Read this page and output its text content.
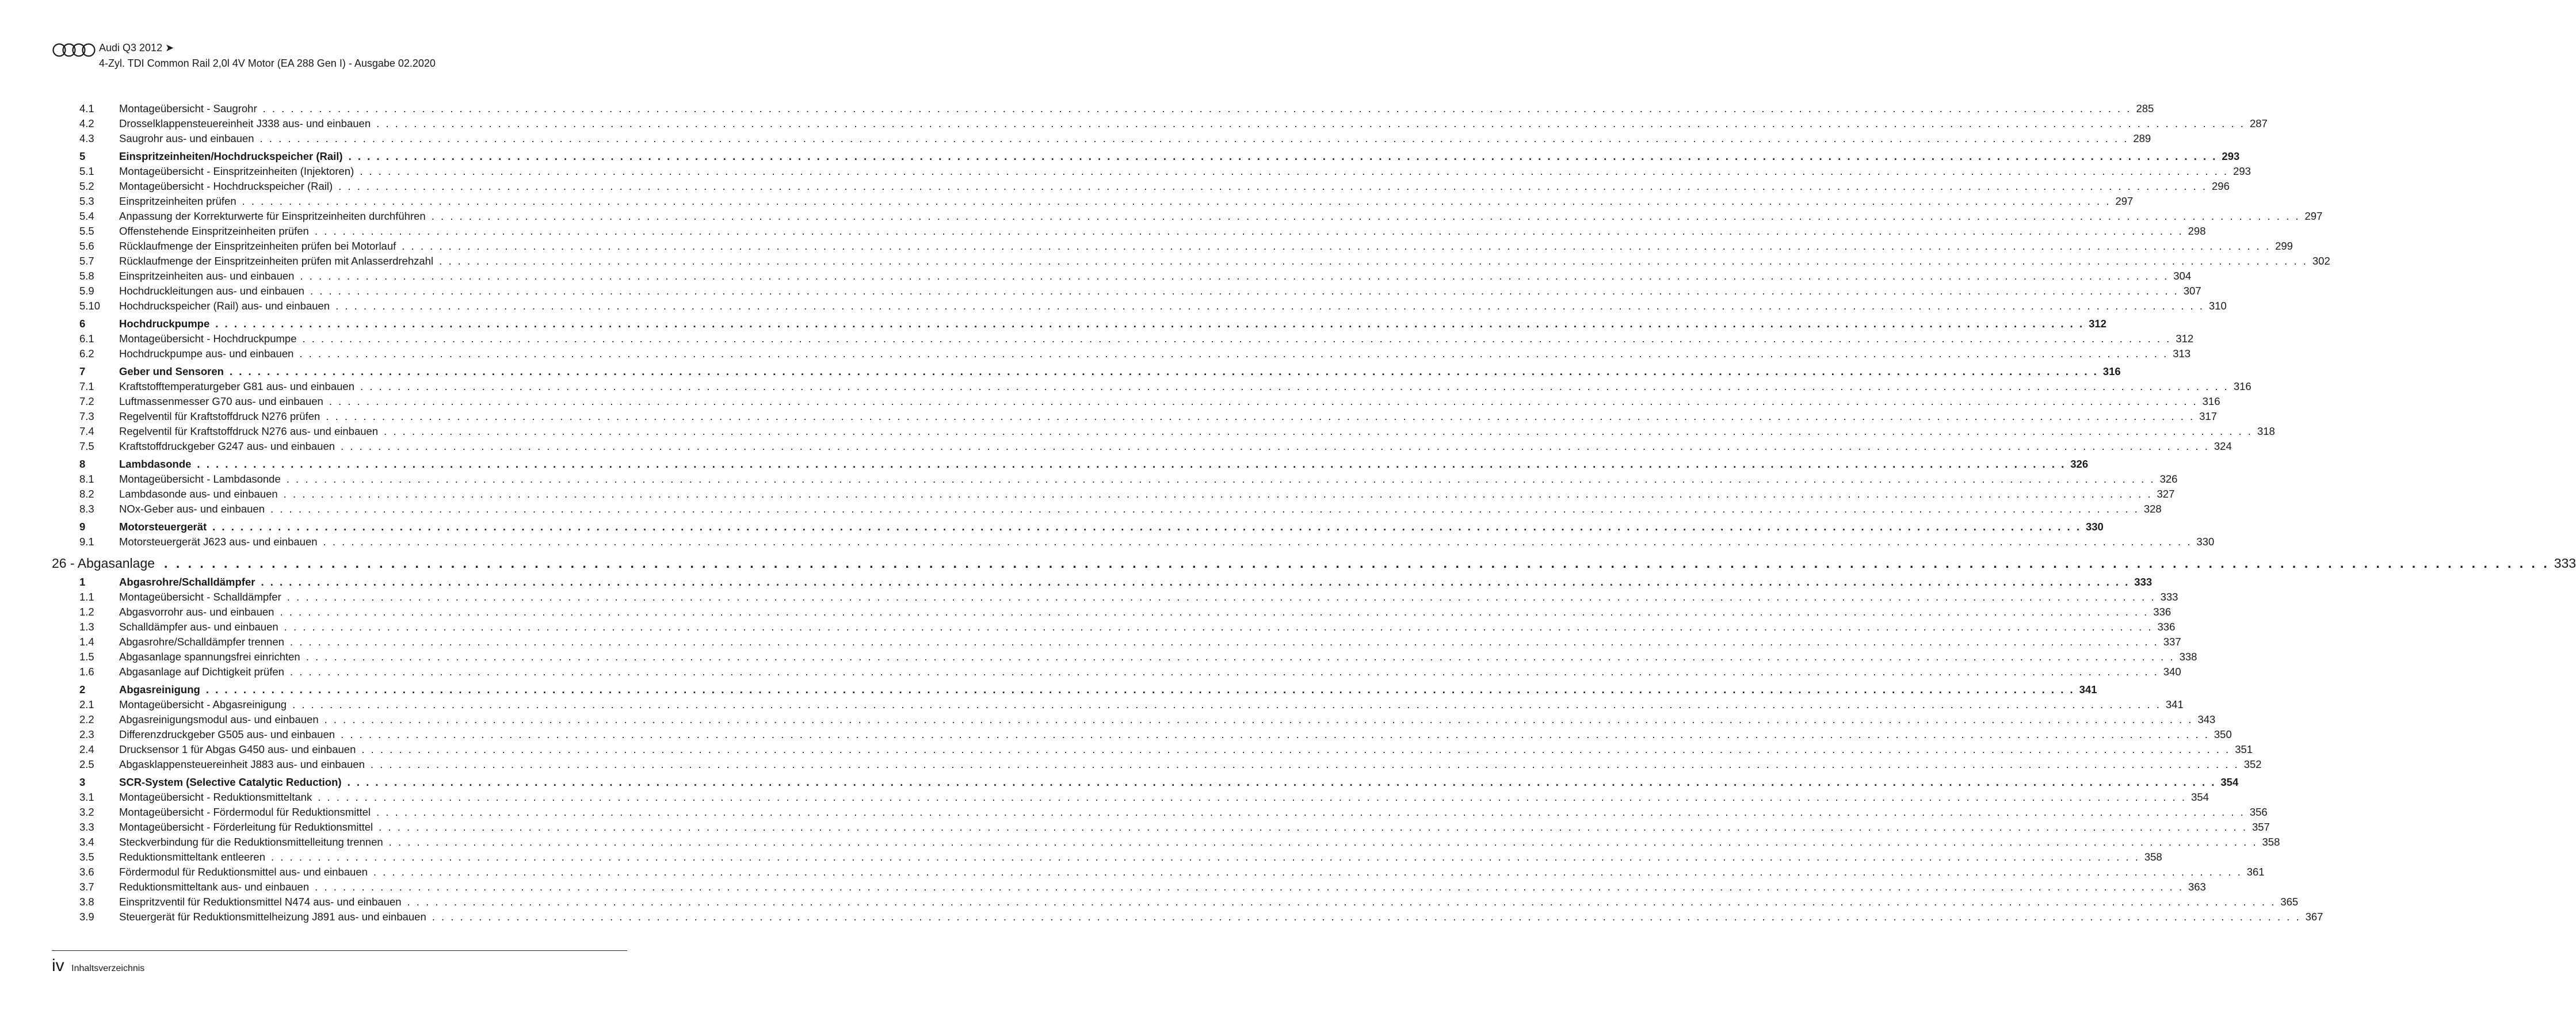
Audi Q3 2012 ➤
4-Zyl. TDI Common Rail 2,0l 4V Motor (EA 288 Gen I) - Ausgabe 02.2020
4.1 Montageübersicht - Saugrohr . . . . . . . . . . . . . . . . . . . . . . . . . . . . . . . . . . . . . . . . . . . . . . . . . . . . . . . . . . . . . . . . . . . . . . . . . . . . . . . . . . . . . . . . . . . . . . . . . . . . . . . . . . . . . . . . . . . . . . . . . . . . . . . . . . . . . . . . . . . . . . . . . . . . . . . . . . . . . . . . . . . . . . . . . . . . . . . . . . . . . . . . . . . . . . . . . . . . . . . . 285
4.2 Drosselklappensteuereinheit J338 aus- und einbauen . . . . . . . . . . . . . . . . . . . . . . . . . . . . . . . . . . . . . . . . . . . . . . . . . . . . . . . . . . . . . . . . . . . . . . . . . . . . . . . . . . . . . . . . . . . . . . . . . . . . . . . . . . . . . . . . . . . . . . . . . . . . . . . . . . . . . . . . . . . . . . . . . . . . . . . . . . . . . . . . . . . . . . . . . . . . . . . . . . . . . . . . . . . . . . . . . . . . . . . . 287
4.3 Saugrohr aus- und einbauen . . . . . . . . . . . . . . . . . . . . . . . . . . . . . . . . . . . . . . . . . . . . . . . . . . . . . . . . . . . . . . . . . . . . . . . . . . . . . . . . . . . . . . . . . . . . . . . . . . . . . . . . . . . . . . . . . . . . . . . . . . . . . . . . . . . . . . . . . . . . . . . . . . . . . . . . . . . . . . . . . . . . . . . . . . . . . . . . . . . . . . . . . . . . . . . . . . . . . . . . 289
5	Einspritzeinheiten/Hochdruckspeicher (Rail) . . . . . . . . . . . . . . . . . . . . . . . . . . . . . . . . . . . . . . . . . . . . . . . . . . . . . . . . . . . . . . . . . . . . . . . . . . . . . . . . . . . . . . . . . . . . . . . . . . . . . . . . . . . . . . . . . . . . . . . . . . . . . . . . . . . . . . . . . . . . . . . . . . . . . . . . . . . . . . . . . . . . . . . . . . . . . . . . . . . . . . . . . . . . . . . . . . . . . . . . 293
5.1 Montageübersicht - Einspritzeinheiten (Injektoren) . . . . . . . . . . . . . . . . . . . . . . . . . . . . . . . . . . . . . . . . . . . . . . . . . . . . . . . . . . . . . . . . . . . . . . . . . . . . . . . . . . . . . . . . . . . . . . . . . . . . . . . . . . . . . . . . . . . . . . . . . . . . . . . . . . . . . . . . . . . . . . . . . . . . . . . . . . . . . . . . . . . . . . . . . . . . . . . . . . . . . . . . . . . . . . . . . . . . . . . . 293
5.2 Montageübersicht - Hochdruckspeicher (Rail) . . . . . . . . . . . . . . . . . . . . . . . . . . . . . . . . . . . . . . . . . . . . . . . . . . . . . . . . . . . . . . . . . . . . . . . . . . . . . . . . . . . . . . . . . . . . . . . . . . . . . . . . . . . . . . . . . . . . . . . . . . . . . . . . . . . . . . . . . . . . . . . . . . . . . . . . . . . . . . . . . . . . . . . . . . . . . . . . . . . . . . . . . . . . . . . . . . . . . . . . 296
5.3 Einspritzeinheiten prüfen . . . . . . . . . . . . . . . . . . . . . . . . . . . . . . . . . . . . . . . . . . . . . . . . . . . . . . . . . . . . . . . . . . . . . . . . . . . . . . . . . . . . . . . . . . . . . . . . . . . . . . . . . . . . . . . . . . . . . . . . . . . . . . . . . . . . . . . . . . . . . . . . . . . . . . . . . . . . . . . . . . . . . . . . . . . . . . . . . . . . . . . . . . . . . . . . . . . . . . . . 297
5.4 Anpassung der Korrekturwerte für Einspritzeinheiten durchführen . . . . . . . . . . . . . . . . . . . . . . . . . . . . . . . . . . . . . . . . . . . . . . . . . . . . . . . . . . . . . . . . . . . . . . . . . . . . . . . . . . . . . . . . . . . . . . . . . . . . . . . . . . . . . . . . . . . . . . . . . . . . . . . . . . . . . . . . . . . . . . . . . . . . . . . . . . . . . . . . . . . . . . . . . . . . . . . . . . . . . . . . . . . . . . . . . . . . . . . . 297
5.5 Offenstehende Einspritzeinheiten prüfen . . . . . . . . . . . . . . . . . . . . . . . . . . . . . . . . . . . . . . . . . . . . . . . . . . . . . . . . . . . . . . . . . . . . . . . . . . . . . . . . . . . . . . . . . . . . . . . . . . . . . . . . . . . . . . . . . . . . . . . . . . . . . . . . . . . . . . . . . . . . . . . . . . . . . . . . . . . . . . . . . . . . . . . . . . . . . . . . . . . . . . . . . . . . . . . . . . . . . . . . 298
5.6 Rücklaufmenge der Einspritzeinheiten prüfen bei Motorlauf . . . . . . . . . . . . . . . . . . . . . . . . . . . . . . . . . . . . . . . . . . . . . . . . . . . . . . . . . . . . . . . . . . . . . . . . . . . . . . . . . . . . . . . . . . . . . . . . . . . . . . . . . . . . . . . . . . . . . . . . . . . . . . . . . . . . . . . . . . . . . . . . . . . . . . . . . . . . . . . . . . . . . . . . . . . . . . . . . . . . . . . . . . . . . . . . . . . . . . . . 299
5.7 Rücklaufmenge der Einspritzeinheiten prüfen mit Anlasserdrehzahl . . . . . . . . . . . . . . . . . . . . . . . . . . . . . . . . . . . . . . . . . . . . . . . . . . . . . . . . . . . . . . . . . . . . . . . . . . . . . . . . . . . . . . . . . . . . . . . . . . . . . . . . . . . . . . . . . . . . . . . . . . . . . . . . . . . . . . . . . . . . . . . . . . . . . . . . . . . . . . . . . . . . . . . . . . . . . . . . . . . . . . . . . . . . . . . . . . . . . . . . 302
5.8 Einspritzeinheiten aus- und einbauen . . . . . . . . . . . . . . . . . . . . . . . . . . . . . . . . . . . . . . . . . . . . . . . . . . . . . . . . . . . . . . . . . . . . . . . . . . . . . . . . . . . . . . . . . . . . . . . . . . . . . . . . . . . . . . . . . . . . . . . . . . . . . . . . . . . . . . . . . . . . . . . . . . . . . . . . . . . . . . . . . . . . . . . . . . . . . . . . . . . . . . . . . . . . . . . . . . . . . . . . 304
5.9 Hochdruckleitungen aus- und einbauen . . . . . . . . . . . . . . . . . . . . . . . . . . . . . . . . . . . . . . . . . . . . . . . . . . . . . . . . . . . . . . . . . . . . . . . . . . . . . . . . . . . . . . . . . . . . . . . . . . . . . . . . . . . . . . . . . . . . . . . . . . . . . . . . . . . . . . . . . . . . . . . . . . . . . . . . . . . . . . . . . . . . . . . . . . . . . . . . . . . . . . . . . . . . . . . . . . . . . . . . 307
5.10 Hochdruckspeicher (Rail) aus- und einbauen . . . . . . . . . . . . . . . . . . . . . . . . . . . . . . . . . . . . . . . . . . . . . . . . . . . . . . . . . . . . . . . . . . . . . . . . . . . . . . . . . . . . . . . . . . . . . . . . . . . . . . . . . . . . . . . . . . . . . . . . . . . . . . . . . . . . . . . . . . . . . . . . . . . . . . . . . . . . . . . . . . . . . . . . . . . . . . . . . . . . . . . . . . . . . . . . . . . . . . . . 310
6	Hochdruckpumpe . . . . . . . . . . . . . . . . . . . . . . . . . . . . . . . . . . . . . . . . . . . . . . . . . . . . . . . . . . . . . . . . . . . . . . . . . . . . . . . . . . . . . . . . . . . . . . . . . . . . . . . . . . . . . . . . . . . . . . . . . . . . . . . . . . . . . . . . . . . . . . . . . . . . . . . . . . . . . . . . . . . . . . . . . . . . . . . . . . . . . . . . . . . . . . . . . . . . . . . . 312
6.1 Montageübersicht - Hochdruckpumpe . . . . . . . . . . . . . . . . . . . . . . . . . . . . . . . . . . . . . . . . . . . . . . . . . . . . . . . . . . . . . . . . . . . . . . . . . . . . . . . . . . . . . . . . . . . . . . . . . . . . . . . . . . . . . . . . . . . . . . . . . . . . . . . . . . . . . . . . . . . . . . . . . . . . . . . . . . . . . . . . . . . . . . . . . . . . . . . . . . . . . . . . . . . . . . . . . . . . . . . . 312
6.2 Hochdruckpumpe aus- und einbauen . . . . . . . . . . . . . . . . . . . . . . . . . . . . . . . . . . . . . . . . . . . . . . . . . . . . . . . . . . . . . . . . . . . . . . . . . . . . . . . . . . . . . . . . . . . . . . . . . . . . . . . . . . . . . . . . . . . . . . . . . . . . . . . . . . . . . . . . . . . . . . . . . . . . . . . . . . . . . . . . . . . . . . . . . . . . . . . . . . . . . . . . . . . . . . . . . . . . . . . . 313
7	Geber und Sensoren . . . . . . . . . . . . . . . . . . . . . . . . . . . . . . . . . . . . . . . . . . . . . . . . . . . . . . . . . . . . . . . . . . . . . . . . . . . . . . . . . . . . . . . . . . . . . . . . . . . . . . . . . . . . . . . . . . . . . . . . . . . . . . . . . . . . . . . . . . . . . . . . . . . . . . . . . . . . . . . . . . . . . . . . . . . . . . . . . . . . . . . . . . . . . . . . . . . . . . . . 316
7.1 Kraftstofftemperaturgeber G81 aus- und einbauen . . . . . . . . . . . . . . . . . . . . . . . . . . . . . . . . . . . . . . . . . . . . . . . . . . . . . . . . . . . . . . . . . . . . . . . . . . . . . . . . . . . . . . . . . . . . . . . . . . . . . . . . . . . . . . . . . . . . . . . . . . . . . . . . . . . . . . . . . . . . . . . . . . . . . . . . . . . . . . . . . . . . . . . . . . . . . . . . . . . . . . . . . . . . . . . . . . . . . . . . 316
7.2 Luftmassenmesser G70 aus- und einbauen . . . . . . . . . . . . . . . . . . . . . . . . . . . . . . . . . . . . . . . . . . . . . . . . . . . . . . . . . . . . . . . . . . . . . . . . . . . . . . . . . . . . . . . . . . . . . . . . . . . . . . . . . . . . . . . . . . . . . . . . . . . . . . . . . . . . . . . . . . . . . . . . . . . . . . . . . . . . . . . . . . . . . . . . . . . . . . . . . . . . . . . . . . . . . . . . . . . . . . . . 316
7.3 Regelventil für Kraftstoffdruck N276 prüfen . . . . . . . . . . . . . . . . . . . . . . . . . . . . . . . . . . . . . . . . . . . . . . . . . . . . . . . . . . . . . . . . . . . . . . . . . . . . . . . . . . . . . . . . . . . . . . . . . . . . . . . . . . . . . . . . . . . . . . . . . . . . . . . . . . . . . . . . . . . . . . . . . . . . . . . . . . . . . . . . . . . . . . . . . . . . . . . . . . . . . . . . . . . . . . . . . . . . . . . . 317
7.4 Regelventil für Kraftstoffdruck N276 aus- und einbauen . . . . . . . . . . . . . . . . . . . . . . . . . . . . . . . . . . . . . . . . . . . . . . . . . . . . . . . . . . . . . . . . . . . . . . . . . . . . . . . . . . . . . . . . . . . . . . . . . . . . . . . . . . . . . . . . . . . . . . . . . . . . . . . . . . . . . . . . . . . . . . . . . . . . . . . . . . . . . . . . . . . . . . . . . . . . . . . . . . . . . . . . . . . . . . . . . . . . . . . . 318
7.5 Kraftstoffdruckgeber G247 aus- und einbauen . . . . . . . . . . . . . . . . . . . . . . . . . . . . . . . . . . . . . . . . . . . . . . . . . . . . . . . . . . . . . . . . . . . . . . . . . . . . . . . . . . . . . . . . . . . . . . . . . . . . . . . . . . . . . . . . . . . . . . . . . . . . . . . . . . . . . . . . . . . . . . . . . . . . . . . . . . . . . . . . . . . . . . . . . . . . . . . . . . . . . . . . . . . . . . . . . . . . . . . . 324
8	Lambdasonde . . . . . . . . . . . . . . . . . . . . . . . . . . . . . . . . . . . . . . . . . . . . . . . . . . . . . . . . . . . . . . . . . . . . . . . . . . . . . . . . . . . . . . . . . . . . . . . . . . . . . . . . . . . . . . . . . . . . . . . . . . . . . . . . . . . . . . . . . . . . . . . . . . . . . . . . . . . . . . . . . . . . . . . . . . . . . . . . . . . . . . . . . . . . . . . . . . . . . . . . 326
8.1 Montageübersicht - Lambdasonde . . . . . . . . . . . . . . . . . . . . . . . . . . . . . . . . . . . . . . . . . . . . . . . . . . . . . . . . . . . . . . . . . . . . . . . . . . . . . . . . . . . . . . . . . . . . . . . . . . . . . . . . . . . . . . . . . . . . . . . . . . . . . . . . . . . . . . . . . . . . . . . . . . . . . . . . . . . . . . . . . . . . . . . . . . . . . . . . . . . . . . . . . . . . . . . . . . . . . . . . 326
8.2 Lambdasonde aus- und einbauen . . . . . . . . . . . . . . . . . . . . . . . . . . . . . . . . . . . . . . . . . . . . . . . . . . . . . . . . . . . . . . . . . . . . . . . . . . . . . . . . . . . . . . . . . . . . . . . . . . . . . . . . . . . . . . . . . . . . . . . . . . . . . . . . . . . . . . . . . . . . . . . . . . . . . . . . . . . . . . . . . . . . . . . . . . . . . . . . . . . . . . . . . . . . . . . . . . . . . . . . 327
8.3 NOx-Geber aus- und einbauen . . . . . . . . . . . . . . . . . . . . . . . . . . . . . . . . . . . . . . . . . . . . . . . . . . . . . . . . . . . . . . . . . . . . . . . . . . . . . . . . . . . . . . . . . . . . . . . . . . . . . . . . . . . . . . . . . . . . . . . . . . . . . . . . . . . . . . . . . . . . . . . . . . . . . . . . . . . . . . . . . . . . . . . . . . . . . . . . . . . . . . . . . . . . . . . . . . . . . . . . 328
9	Motorsteuergerät . . . . . . . . . . . . . . . . . . . . . . . . . . . . . . . . . . . . . . . . . . . . . . . . . . . . . . . . . . . . . . . . . . . . . . . . . . . . . . . . . . . . . . . . . . . . . . . . . . . . . . . . . . . . . . . . . . . . . . . . . . . . . . . . . . . . . . . . . . . . . . . . . . . . . . . . . . . . . . . . . . . . . . . . . . . . . . . . . . . . . . . . . . . . . . . . . . . . . . . . 330
9.1 Motorsteuergerät J623 aus- und einbauen . . . . . . . . . . . . . . . . . . . . . . . . . . . . . . . . . . . . . . . . . . . . . . . . . . . . . . . . . . . . . . . . . . . . . . . . . . . . . . . . . . . . . . . . . . . . . . . . . . . . . . . . . . . . . . . . . . . . . . . . . . . . . . . . . . . . . . . . . . . . . . . . . . . . . . . . . . . . . . . . . . . . . . . . . . . . . . . . . . . . . . . . . . . . . . . . . . . . . . . . 330
26 - Abgasanlage . . . . . . . . . . . . . . . . . . . . . . . . . . . . . . . . . . . . . . . . . . . . . . . . . . . . . . . . . . . . . . . . . . . . . . . . . . . . . . . . . . . . . . . . . . . . . . . . . . . . . . . . . . . . . . . . . . . . . . . . . . . . . . . . . . . . . . . . . . . . . . . . . . . . . . . . . . . . . . . . . . . . . . . . . . . . . . . . . . . . . . . . . . . . . . . . . . . . . . . . 333
1	Abgasrohre/Schalldämpfer . . . . . . . . . . . . . . . . . . . . . . . . . . . . . . . . . . . . . . . . . . . . . . . . . . . . . . . . . . . . . . . . . . . . . . . . . . . . . . . . . . . . . . . . . . . . . . . . . . . . . . . . . . . . . . . . . . . . . . . . . . . . . . . . . . . . . . . . . . . . . . . . . . . . . . . . . . . . . . . . . . . . . . . . . . . . . . . . . . . . . . . . . . . . . . . . . . . . . . . . 333
1.1 Montageübersicht - Schalldämpfer . . . . . . . . . . . . . . . . . . . . . . . . . . . . . . . . . . . . . . . . . . . . . . . . . . . . . . . . . . . . . . . . . . . . . . . . . . . . . . . . . . . . . . . . . . . . . . . . . . . . . . . . . . . . . . . . . . . . . . . . . . . . . . . . . . . . . . . . . . . . . . . . . . . . . . . . . . . . . . . . . . . . . . . . . . . . . . . . . . . . . . . . . . . . . . . . . . . . . . . . 333
1.2 Abgasvorrohr aus- und einbauen . . . . . . . . . . . . . . . . . . . . . . . . . . . . . . . . . . . . . . . . . . . . . . . . . . . . . . . . . . . . . . . . . . . . . . . . . . . . . . . . . . . . . . . . . . . . . . . . . . . . . . . . . . . . . . . . . . . . . . . . . . . . . . . . . . . . . . . . . . . . . . . . . . . . . . . . . . . . . . . . . . . . . . . . . . . . . . . . . . . . . . . . . . . . . . . . . . . . . . . . 336
1.3 Schalldämpfer aus- und einbauen . . . . . . . . . . . . . . . . . . . . . . . . . . . . . . . . . . . . . . . . . . . . . . . . . . . . . . . . . . . . . . . . . . . . . . . . . . . . . . . . . . . . . . . . . . . . . . . . . . . . . . . . . . . . . . . . . . . . . . . . . . . . . . . . . . . . . . . . . . . . . . . . . . . . . . . . . . . . . . . . . . . . . . . . . . . . . . . . . . . . . . . . . . . . . . . . . . . . . . . . 336
1.4 Abgasrohre/Schalldämpfer trennen . . . . . . . . . . . . . . . . . . . . . . . . . . . . . . . . . . . . . . . . . . . . . . . . . . . . . . . . . . . . . . . . . . . . . . . . . . . . . . . . . . . . . . . . . . . . . . . . . . . . . . . . . . . . . . . . . . . . . . . . . . . . . . . . . . . . . . . . . . . . . . . . . . . . . . . . . . . . . . . . . . . . . . . . . . . . . . . . . . . . . . . . . . . . . . . . . . . . . . . . 337
1.5 Abgasanlage spannungsfrei einrichten . . . . . . . . . . . . . . . . . . . . . . . . . . . . . . . . . . . . . . . . . . . . . . . . . . . . . . . . . . . . . . . . . . . . . . . . . . . . . . . . . . . . . . . . . . . . . . . . . . . . . . . . . . . . . . . . . . . . . . . . . . . . . . . . . . . . . . . . . . . . . . . . . . . . . . . . . . . . . . . . . . . . . . . . . . . . . . . . . . . . . . . . . . . . . . . . . . . . . . . . 338
1.6 Abgasanlage auf Dichtigkeit prüfen . . . . . . . . . . . . . . . . . . . . . . . . . . . . . . . . . . . . . . . . . . . . . . . . . . . . . . . . . . . . . . . . . . . . . . . . . . . . . . . . . . . . . . . . . . . . . . . . . . . . . . . . . . . . . . . . . . . . . . . . . . . . . . . . . . . . . . . . . . . . . . . . . . . . . . . . . . . . . . . . . . . . . . . . . . . . . . . . . . . . . . . . . . . . . . . . . . . . . . . . 340
2	Abgasreinigung . . . . . . . . . . . . . . . . . . . . . . . . . . . . . . . . . . . . . . . . . . . . . . . . . . . . . . . . . . . . . . . . . . . . . . . . . . . . . . . . . . . . . . . . . . . . . . . . . . . . . . . . . . . . . . . . . . . . . . . . . . . . . . . . . . . . . . . . . . . . . . . . . . . . . . . . . . . . . . . . . . . . . . . . . . . . . . . . . . . . . . . . . . . . . . . . . . . . . . . . 341
2.1 Montageübersicht - Abgasreinigung . . . . . . . . . . . . . . . . . . . . . . . . . . . . . . . . . . . . . . . . . . . . . . . . . . . . . . . . . . . . . . . . . . . . . . . . . . . . . . . . . . . . . . . . . . . . . . . . . . . . . . . . . . . . . . . . . . . . . . . . . . . . . . . . . . . . . . . . . . . . . . . . . . . . . . . . . . . . . . . . . . . . . . . . . . . . . . . . . . . . . . . . . . . . . . . . . . . . . . . . 341
2.2 Abgasreinigungsmodul aus- und einbauen . . . . . . . . . . . . . . . . . . . . . . . . . . . . . . . . . . . . . . . . . . . . . . . . . . . . . . . . . . . . . . . . . . . . . . . . . . . . . . . . . . . . . . . . . . . . . . . . . . . . . . . . . . . . . . . . . . . . . . . . . . . . . . . . . . . . . . . . . . . . . . . . . . . . . . . . . . . . . . . . . . . . . . . . . . . . . . . . . . . . . . . . . . . . . . . . . . . . . . . . 343
2.3 Differenzdruckgeber G505 aus- und einbauen . . . . . . . . . . . . . . . . . . . . . . . . . . . . . . . . . . . . . . . . . . . . . . . . . . . . . . . . . . . . . . . . . . . . . . . . . . . . . . . . . . . . . . . . . . . . . . . . . . . . . . . . . . . . . . . . . . . . . . . . . . . . . . . . . . . . . . . . . . . . . . . . . . . . . . . . . . . . . . . . . . . . . . . . . . . . . . . . . . . . . . . . . . . . . . . . . . . . . . . . 350
2.4 Drucksensor 1 für Abgas G450 aus- und einbauen . . . . . . . . . . . . . . . . . . . . . . . . . . . . . . . . . . . . . . . . . . . . . . . . . . . . . . . . . . . . . . . . . . . . . . . . . . . . . . . . . . . . . . . . . . . . . . . . . . . . . . . . . . . . . . . . . . . . . . . . . . . . . . . . . . . . . . . . . . . . . . . . . . . . . . . . . . . . . . . . . . . . . . . . . . . . . . . . . . . . . . . . . . . . . . . . . . . . . . . . 351
2.5 Abgasklappensteuereinheit J883 aus- und einbauen . . . . . . . . . . . . . . . . . . . . . . . . . . . . . . . . . . . . . . . . . . . . . . . . . . . . . . . . . . . . . . . . . . . . . . . . . . . . . . . . . . . . . . . . . . . . . . . . . . . . . . . . . . . . . . . . . . . . . . . . . . . . . . . . . . . . . . . . . . . . . . . . . . . . . . . . . . . . . . . . . . . . . . . . . . . . . . . . . . . . . . . . . . . . . . . . . . . . . . . . 352
3	SCR-System (Selective Catalytic Reduction) . . . . . . . . . . . . . . . . . . . . . . . . . . . . . . . . . . . . . . . . . . . . . . . . . . . . . . . . . . . . . . . . . . . . . . . . . . . . . . . . . . . . . . . . . . . . . . . . . . . . . . . . . . . . . . . . . . . . . . . . . . . . . . . . . . . . . . . . . . . . . . . . . . . . . . . . . . . . . . . . . . . . . . . . . . . . . . . . . . . . . . . . . . . . . . . . . . . . . . . . 354
3.1 Montageübersicht - Reduktionsmitteltank . . . . . . . . . . . . . . . . . . . . . . . . . . . . . . . . . . . . . . . . . . . . . . . . . . . . . . . . . . . . . . . . . . . . . . . . . . . . . . . . . . . . . . . . . . . . . . . . . . . . . . . . . . . . . . . . . . . . . . . . . . . . . . . . . . . . . . . . . . . . . . . . . . . . . . . . . . . . . . . . . . . . . . . . . . . . . . . . . . . . . . . . . . . . . . . . . . . . . . . . 354
3.2 Montageübersicht - Fördermodul für Reduktionsmittel . . . . . . . . . . . . . . . . . . . . . . . . . . . . . . . . . . . . . . . . . . . . . . . . . . . . . . . . . . . . . . . . . . . . . . . . . . . . . . . . . . . . . . . . . . . . . . . . . . . . . . . . . . . . . . . . . . . . . . . . . . . . . . . . . . . . . . . . . . . . . . . . . . . . . . . . . . . . . . . . . . . . . . . . . . . . . . . . . . . . . . . . . . . . . . . . . . . . . . . . 356
3.3 Montageübersicht - Förderleitung für Reduktionsmittel . . . . . . . . . . . . . . . . . . . . . . . . . . . . . . . . . . . . . . . . . . . . . . . . . . . . . . . . . . . . . . . . . . . . . . . . . . . . . . . . . . . . . . . . . . . . . . . . . . . . . . . . . . . . . . . . . . . . . . . . . . . . . . . . . . . . . . . . . . . . . . . . . . . . . . . . . . . . . . . . . . . . . . . . . . . . . . . . . . . . . . . . . . . . . . . . . . . . . . . . 357
3.4 Steckverbindung für die Reduktionsmittelleitung trennen . . . . . . . . . . . . . . . . . . . . . . . . . . . . . . . . . . . . . . . . . . . . . . . . . . . . . . . . . . . . . . . . . . . . . . . . . . . . . . . . . . . . . . . . . . . . . . . . . . . . . . . . . . . . . . . . . . . . . . . . . . . . . . . . . . . . . . . . . . . . . . . . . . . . . . . . . . . . . . . . . . . . . . . . . . . . . . . . . . . . . . . . . . . . . . . . . . . . . . . . 358
3.5 Reduktionsmitteltank entleeren . . . . . . . . . . . . . . . . . . . . . . . . . . . . . . . . . . . . . . . . . . . . . . . . . . . . . . . . . . . . . . . . . . . . . . . . . . . . . . . . . . . . . . . . . . . . . . . . . . . . . . . . . . . . . . . . . . . . . . . . . . . . . . . . . . . . . . . . . . . . . . . . . . . . . . . . . . . . . . . . . . . . . . . . . . . . . . . . . . . . . . . . . . . . . . . . . . . . . . . . 358
3.6 Fördermodul für Reduktionsmittel aus- und einbauen . . . . . . . . . . . . . . . . . . . . . . . . . . . . . . . . . . . . . . . . . . . . . . . . . . . . . . . . . . . . . . . . . . . . . . . . . . . . . . . . . . . . . . . . . . . . . . . . . . . . . . . . . . . . . . . . . . . . . . . . . . . . . . . . . . . . . . . . . . . . . . . . . . . . . . . . . . . . . . . . . . . . . . . . . . . . . . . . . . . . . . . . . . . . . . . . . . . . . . . . 361
3.7 Reduktionsmitteltank aus- und einbauen . . . . . . . . . . . . . . . . . . . . . . . . . . . . . . . . . . . . . . . . . . . . . . . . . . . . . . . . . . . . . . . . . . . . . . . . . . . . . . . . . . . . . . . . . . . . . . . . . . . . . . . . . . . . . . . . . . . . . . . . . . . . . . . . . . . . . . . . . . . . . . . . . . . . . . . . . . . . . . . . . . . . . . . . . . . . . . . . . . . . . . . . . . . . . . . . . . . . . . . . 363
3.8 Einspritzventil für Reduktionsmittel N474 aus- und einbauen . . . . . . . . . . . . . . . . . . . . . . . . . . . . . . . . . . . . . . . . . . . . . . . . . . . . . . . . . . . . . . . . . . . . . . . . . . . . . . . . . . . . . . . . . . . . . . . . . . . . . . . . . . . . . . . . . . . . . . . . . . . . . . . . . . . . . . . . . . . . . . . . . . . . . . . . . . . . . . . . . . . . . . . . . . . . . . . . . . . . . . . . . . . . . . . . . . . . . . . . 365
3.9 Steuergerät für Reduktionsmittelheizung J891 aus- und einbauen . . . . . . . . . . . . . . . . . . . . . . . . . . . . . . . . . . . . . . . . . . . . . . . . . . . . . . . . . . . . . . . . . . . . . . . . . . . . . . . . . . . . . . . . . . . . . . . . . . . . . . . . . . . . . . . . . . . . . . . . . . . . . . . . . . . . . . . . . . . . . . . . . . . . . . . . . . . . . . . . . . . . . . . . . . . . . . . . . . . . . . . . . . . . . . . . . . . . . . . . 367
iv Inhaltsverzeichnis
